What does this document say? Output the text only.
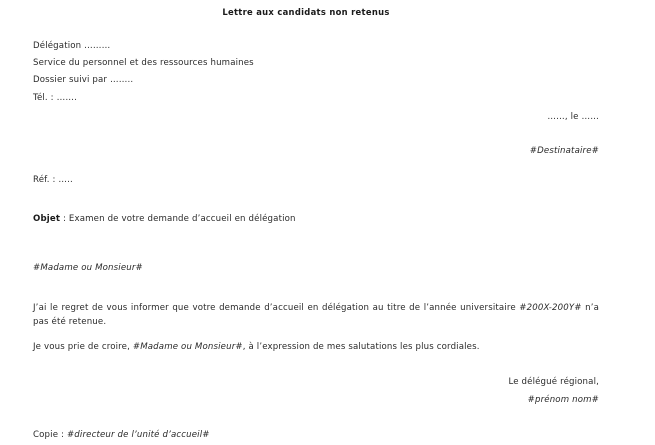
Lettre aux candidats non retenus
Délégation ………
Service du personnel et des ressources humaines
Dossier suivi par ……..
Tél. : …….
……, le ……
#Destinataire#
Réf. : …..
Objet : Examen de votre demande d’accueil en délégation
#Madame ou Monsieur#
J’ai le regret de vous informer que votre demande d’accueil en délégation au titre de l’année universitaire #200X-200Y# n’a pas été retenue.
Je vous prie de croire, #Madame ou Monsieur#, à l’expression de mes salutations les plus cordiales.
Le délégué régional,
#prénom nom#
Copie : #directeur de l’unité d’accueil#
